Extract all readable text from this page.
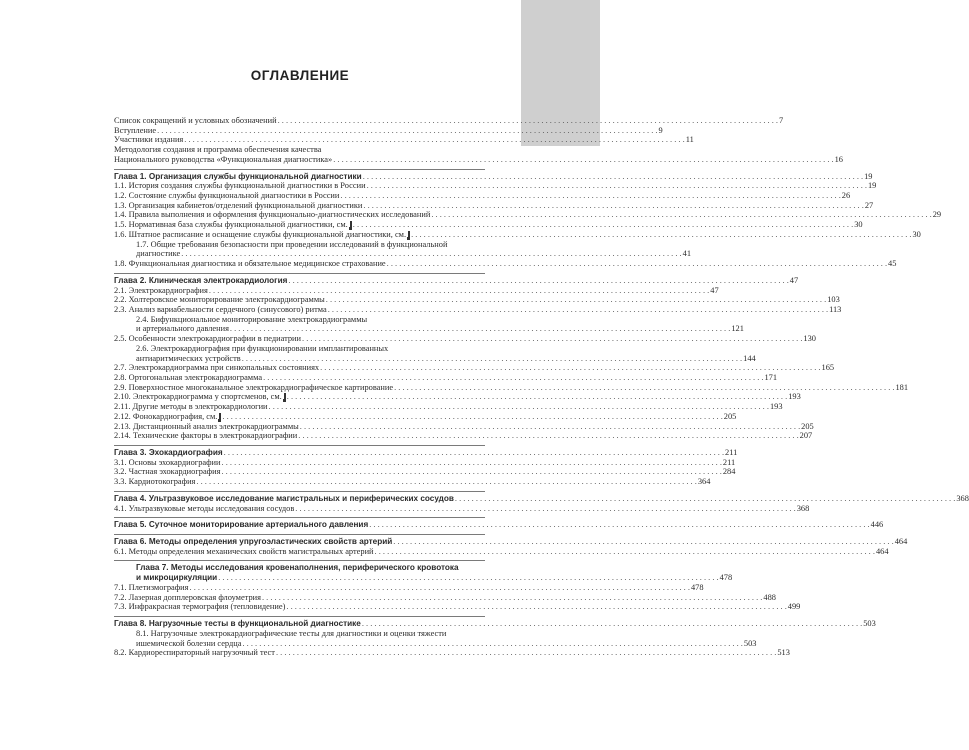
ОГЛАВЛЕНИЕ
Список сокращений и условных обозначений . . . . . . . . . . . . . . . . . . . . . . . . . . . . . . . . . . . . . . . . . . . . . . . . . . . . . . . . . . . . . . . . . . . . . . . . . . . . . . . . . . . . . . . . . . . . . . . . . . . . . . . . . . . . . . . . . . . . . . . . 7
Вступление . . . . . . . . . . . . . . . . . . . . . . . . . . . . . . . . . . . . . . . . . . . . . . . . . . . . . . . . . . . . . . . . . . . . . . . . . . . . . . . . . . . . . . . . . . . . . . . . . . . . . . . . . . . . . . . . . . . . . . . . 9
Участники издания . . . . . . . . . . . . . . . . . . . . . . . . . . . . . . . . . . . . . . . . . . . . . . . . . . . . . . . . . . . . . . . . . . . . . . . . . . . . . . . . . . . . . . . . . . . . . . . . . . . . . . . . . . . . . . . . . . . . . . . . 11
Методология создания и программа обеспечения качества
Национального руководства «Функциональная диагностика» . . . . . . . . . . . . . . . . . . . . . . . . . . . . . . . . . . . . . . . . . . . . . . . . . . . . . . . . . . . . . . . . . . . . . . . . . . . . . . . . . . . . . . . . . . . . . . . . . . . . . . . . . . . . . . . . . . . . . . . . 16
Глава 1. Организация службы функциональной диагностики . . . . . . . . . . . . . . . . . . . . . . . . . . . . . . . . . . . . . . . . . . . . . . . . . . . . . . . . . . . . . . . . . . . . . . . . . . . . . . . . . . . . . . . . . . . . . . . . . . . . . . . . . . . . . . . . . . . . . . . . 19
1.1. История создания службы функциональной диагностики в России . . . . . . . . . . . . . . . . . . . . . . . . . . . . . . . . . . . . . . . . . . . . . . . . . . . . . . . . . . . . . . . . . . . . . . . . . . . . . . . . . . . . . . . . . . . . . . . . . . . . . . . . . . . . . . . . . . . . . . . . 19
1.2. Состояние службы функциональной диагностики в России . . . . . . . . . . . . . . . . . . . . . . . . . . . . . . . . . . . . . . . . . . . . . . . . . . . . . . . . . . . . . . . . . . . . . . . . . . . . . . . . . . . . . . . . . . . . . . . . . . . . . . . . . . . . . . . . . . . . . . . . 26
1.3. Организация кабинетов/отделений функциональной диагностики . . . . . . . . . . . . . . . . . . . . . . . . . . . . . . . . . . . . . . . . . . . . . . . . . . . . . . . . . . . . . . . . . . . . . . . . . . . . . . . . . . . . . . . . . . . . . . . . . . . . . . . . . . . . . . . . . . . . . . . . 27
1.4. Правила выполнения и оформления функционально-диагностических исследований . . . . . . . . . . . . . . . . . . . . . . . . . . . . . . . . . . . . . . . . . . . . . . . . . . . . . . . . . . . . . . . . . . . . . . . . . . . . . . . . . . . . . . . . . . . . . . . . . . . . . . . . . . . . . . . . . . . . . . . . 29
1.5. Нормативная база службы функциональной диагностики, см. . . . . . . . . . . . . . . . . . . . . . . . . . . . . . . . . . . . . . . . . . . . . . . . . . . . . . . . . . . . . . . . . . . . . . . . . . . . . . . . . . . . . . . . . . . . . . . . . . . . . . . . . . . . . . . . . . . . . . . . . 30
1.6. Штатное расписание и оснащение службы функциональной диагностики, см. . . . . . . . . . . . . . . . . . . . . . . . . . . . . . . . . . . . . . . . . . . . . . . . . . . . . . . . . . . . . . . . . . . . . . . . . . . . . . . . . . . . . . . . . . . . . . . . . . . . . . . . . . . . . . . . . . . . . . . . . 30
1.7. Общие требования безопасности при проведении исследований в функциональной
диагностике . . . . . . . . . . . . . . . . . . . . . . . . . . . . . . . . . . . . . . . . . . . . . . . . . . . . . . . . . . . . . . . . . . . . . . . . . . . . . . . . . . . . . . . . . . . . . . . . . . . . . . . . . . . . . . . . . . . . . . . . 41
1.8. Функциональная диагностика и обязательное медицинское страхование . . . . . . . . . . . . . . . . . . . . . . . . . . . . . . . . . . . . . . . . . . . . . . . . . . . . . . . . . . . . . . . . . . . . . . . . . . . . . . . . . . . . . . . . . . . . . . . . . . . . . . . . . . . . . . . . . . . . . . . . 45
Глава 2. Клиническая электрокардиология . . . . . . . . . . . . . . . . . . . . . . . . . . . . . . . . . . . . . . . . . . . . . . . . . . . . . . . . . . . . . . . . . . . . . . . . . . . . . . . . . . . . . . . . . . . . . . . . . . . . . . . . . . . . . . . . . . . . . . . . 47
2.1. Электрокардиография . . . . . . . . . . . . . . . . . . . . . . . . . . . . . . . . . . . . . . . . . . . . . . . . . . . . . . . . . . . . . . . . . . . . . . . . . . . . . . . . . . . . . . . . . . . . . . . . . . . . . . . . . . . . . . . . . . . . . . . . 47
2.2. Холтеровское мониторирование электрокардиограммы . . . . . . . . . . . . . . . . . . . . . . . . . . . . . . . . . . . . . . . . . . . . . . . . . . . . . . . . . . . . . . . . . . . . . . . . . . . . . . . . . . . . . . . . . . . . . . . . . . . . . . . . . . . . . . . . . . . . . . . . 103
2.3. Анализ вариабельности сердечного (синусового) ритма . . . . . . . . . . . . . . . . . . . . . . . . . . . . . . . . . . . . . . . . . . . . . . . . . . . . . . . . . . . . . . . . . . . . . . . . . . . . . . . . . . . . . . . . . . . . . . . . . . . . . . . . . . . . . . . . . . . . . . . . 113
2.4. Бифункциональное мониторирование электрокардиограммы
и артериального давления . . . . . . . . . . . . . . . . . . . . . . . . . . . . . . . . . . . . . . . . . . . . . . . . . . . . . . . . . . . . . . . . . . . . . . . . . . . . . . . . . . . . . . . . . . . . . . . . . . . . . . . . . . . . . . . . . . . . . . . . 121
2.5. Особенности электрокардиографии в педиатрии . . . . . . . . . . . . . . . . . . . . . . . . . . . . . . . . . . . . . . . . . . . . . . . . . . . . . . . . . . . . . . . . . . . . . . . . . . . . . . . . . . . . . . . . . . . . . . . . . . . . . . . . . . . . . . . . . . . . . . . . 130
2.6. Электрокардиография при функционировании имплантированных
антиаритмических устройств . . . . . . . . . . . . . . . . . . . . . . . . . . . . . . . . . . . . . . . . . . . . . . . . . . . . . . . . . . . . . . . . . . . . . . . . . . . . . . . . . . . . . . . . . . . . . . . . . . . . . . . . . . . . . . . . . . . . . . . . 144
2.7. Электрокардиограмма при синкопальных состояниях . . . . . . . . . . . . . . . . . . . . . . . . . . . . . . . . . . . . . . . . . . . . . . . . . . . . . . . . . . . . . . . . . . . . . . . . . . . . . . . . . . . . . . . . . . . . . . . . . . . . . . . . . . . . . . . . . . . . . . . . 165
2.8. Ортогональная электрокардиограмма . . . . . . . . . . . . . . . . . . . . . . . . . . . . . . . . . . . . . . . . . . . . . . . . . . . . . . . . . . . . . . . . . . . . . . . . . . . . . . . . . . . . . . . . . . . . . . . . . . . . . . . . . . . . . . . . . . . . . . . . 171
2.9. Поверхностное многоканальное электрокардиографическое картирование . . . . . . . . . . . . . . . . . . . . . . . . . . . . . . . . . . . . . . . . . . . . . . . . . . . . . . . . . . . . . . . . . . . . . . . . . . . . . . . . . . . . . . . . . . . . . . . . . . . . . . . . . . . . . . . . . . . . . . . . 181
2.10. Электрокардиограмма у спортсменов, см. . . . . . . . . . . . . . . . . . . . . . . . . . . . . . . . . . . . . . . . . . . . . . . . . . . . . . . . . . . . . . . . . . . . . . . . . . . . . . . . . . . . . . . . . . . . . . . . . . . . . . . . . . . . . . . . . . . . . . . . . 193
2.11. Другие методы в электрокардиологии . . . . . . . . . . . . . . . . . . . . . . . . . . . . . . . . . . . . . . . . . . . . . . . . . . . . . . . . . . . . . . . . . . . . . . . . . . . . . . . . . . . . . . . . . . . . . . . . . . . . . . . . . . . . . . . . . . . . . . . . 193
2.12. Фонокардиография, см. . . . . . . . . . . . . . . . . . . . . . . . . . . . . . . . . . . . . . . . . . . . . . . . . . . . . . . . . . . . . . . . . . . . . . . . . . . . . . . . . . . . . . . . . . . . . . . . . . . . . . . . . . . . . . . . . . . . . . . . . 205
2.13. Дистанционный анализ электрокардиограммы . . . . . . . . . . . . . . . . . . . . . . . . . . . . . . . . . . . . . . . . . . . . . . . . . . . . . . . . . . . . . . . . . . . . . . . . . . . . . . . . . . . . . . . . . . . . . . . . . . . . . . . . . . . . . . . . . . . . . . . . 205
2.14. Технические факторы в электрокардиографии . . . . . . . . . . . . . . . . . . . . . . . . . . . . . . . . . . . . . . . . . . . . . . . . . . . . . . . . . . . . . . . . . . . . . . . . . . . . . . . . . . . . . . . . . . . . . . . . . . . . . . . . . . . . . . . . . . . . . . . . 207
Глава 3. Эхокардиография . . . . . . . . . . . . . . . . . . . . . . . . . . . . . . . . . . . . . . . . . . . . . . . . . . . . . . . . . . . . . . . . . . . . . . . . . . . . . . . . . . . . . . . . . . . . . . . . . . . . . . . . . . . . . . . . . . . . . . . . 211
3.1. Основы эхокардиографии . . . . . . . . . . . . . . . . . . . . . . . . . . . . . . . . . . . . . . . . . . . . . . . . . . . . . . . . . . . . . . . . . . . . . . . . . . . . . . . . . . . . . . . . . . . . . . . . . . . . . . . . . . . . . . . . . . . . . . . . 211
3.2. Частная эхокардиография . . . . . . . . . . . . . . . . . . . . . . . . . . . . . . . . . . . . . . . . . . . . . . . . . . . . . . . . . . . . . . . . . . . . . . . . . . . . . . . . . . . . . . . . . . . . . . . . . . . . . . . . . . . . . . . . . . . . . . . . 284
3.3. Кардиотокография . . . . . . . . . . . . . . . . . . . . . . . . . . . . . . . . . . . . . . . . . . . . . . . . . . . . . . . . . . . . . . . . . . . . . . . . . . . . . . . . . . . . . . . . . . . . . . . . . . . . . . . . . . . . . . . . . . . . . . . . 364
Глава 4. Ультразвуковое исследование магистральных и периферических сосудов . . . . . . . . . . . . . . . . . . . . . . . . . . . . . . . . . . . . . . . . . . . . . . . . . . . . . . . . . . . . . . . . . . . . . . . . . . . . . . . . . . . . . . . . . . . . . . . . . . . . . . . . . . . . . . . . . . . . . . . . 368
4.1. Ультразвуковые методы исследования сосудов . . . . . . . . . . . . . . . . . . . . . . . . . . . . . . . . . . . . . . . . . . . . . . . . . . . . . . . . . . . . . . . . . . . . . . . . . . . . . . . . . . . . . . . . . . . . . . . . . . . . . . . . . . . . . . . . . . . . . . . . 368
Глава 5. Суточное мониторирование артериального давления . . . . . . . . . . . . . . . . . . . . . . . . . . . . . . . . . . . . . . . . . . . . . . . . . . . . . . . . . . . . . . . . . . . . . . . . . . . . . . . . . . . . . . . . . . . . . . . . . . . . . . . . . . . . . . . . . . . . . . . . 446
Глава 6. Методы определения упругоэластических свойств артерий . . . . . . . . . . . . . . . . . . . . . . . . . . . . . . . . . . . . . . . . . . . . . . . . . . . . . . . . . . . . . . . . . . . . . . . . . . . . . . . . . . . . . . . . . . . . . . . . . . . . . . . . . . . . . . . . . . . . . . . . 464
6.1. Методы определения механических свойств магистральных артерий . . . . . . . . . . . . . . . . . . . . . . . . . . . . . . . . . . . . . . . . . . . . . . . . . . . . . . . . . . . . . . . . . . . . . . . . . . . . . . . . . . . . . . . . . . . . . . . . . . . . . . . . . . . . . . . . . . . . . . . . 464
Глава 7. Методы исследования кровенаполнения, периферического кровотока
и микроциркуляции . . . . . . . . . . . . . . . . . . . . . . . . . . . . . . . . . . . . . . . . . . . . . . . . . . . . . . . . . . . . . . . . . . . . . . . . . . . . . . . . . . . . . . . . . . . . . . . . . . . . . . . . . . . . . . . . . . . . . . . . 478
7.1. Плетизмография . . . . . . . . . . . . . . . . . . . . . . . . . . . . . . . . . . . . . . . . . . . . . . . . . . . . . . . . . . . . . . . . . . . . . . . . . . . . . . . . . . . . . . . . . . . . . . . . . . . . . . . . . . . . . . . . . . . . . . . . 478
7.2. Лазерная допплеровская флоуметрия . . . . . . . . . . . . . . . . . . . . . . . . . . . . . . . . . . . . . . . . . . . . . . . . . . . . . . . . . . . . . . . . . . . . . . . . . . . . . . . . . . . . . . . . . . . . . . . . . . . . . . . . . . . . . . . . . . . . . . . . 488
7.3. Инфракрасная термография (тепловидение) . . . . . . . . . . . . . . . . . . . . . . . . . . . . . . . . . . . . . . . . . . . . . . . . . . . . . . . . . . . . . . . . . . . . . . . . . . . . . . . . . . . . . . . . . . . . . . . . . . . . . . . . . . . . . . . . . . . . . . . . 499
Глава 8. Нагрузочные тесты в функциональной диагностике . . . . . . . . . . . . . . . . . . . . . . . . . . . . . . . . . . . . . . . . . . . . . . . . . . . . . . . . . . . . . . . . . . . . . . . . . . . . . . . . . . . . . . . . . . . . . . . . . . . . . . . . . . . . . . . . . . . . . . . . 503
8.1. Нагрузочные электрокардиографические тесты для диагностики и оценки тяжести
ишемической болезни сердца . . . . . . . . . . . . . . . . . . . . . . . . . . . . . . . . . . . . . . . . . . . . . . . . . . . . . . . . . . . . . . . . . . . . . . . . . . . . . . . . . . . . . . . . . . . . . . . . . . . . . . . . . . . . . . . . . . . . . . . . 503
8.2. Кардиореспираторный нагрузочный тест . . . . . . . . . . . . . . . . . . . . . . . . . . . . . . . . . . . . . . . . . . . . . . . . . . . . . . . . . . . . . . . . . . . . . . . . . . . . . . . . . . . . . . . . . . . . . . . . . . . . . . . . . . . . . . . . . . . . . . . . 513
